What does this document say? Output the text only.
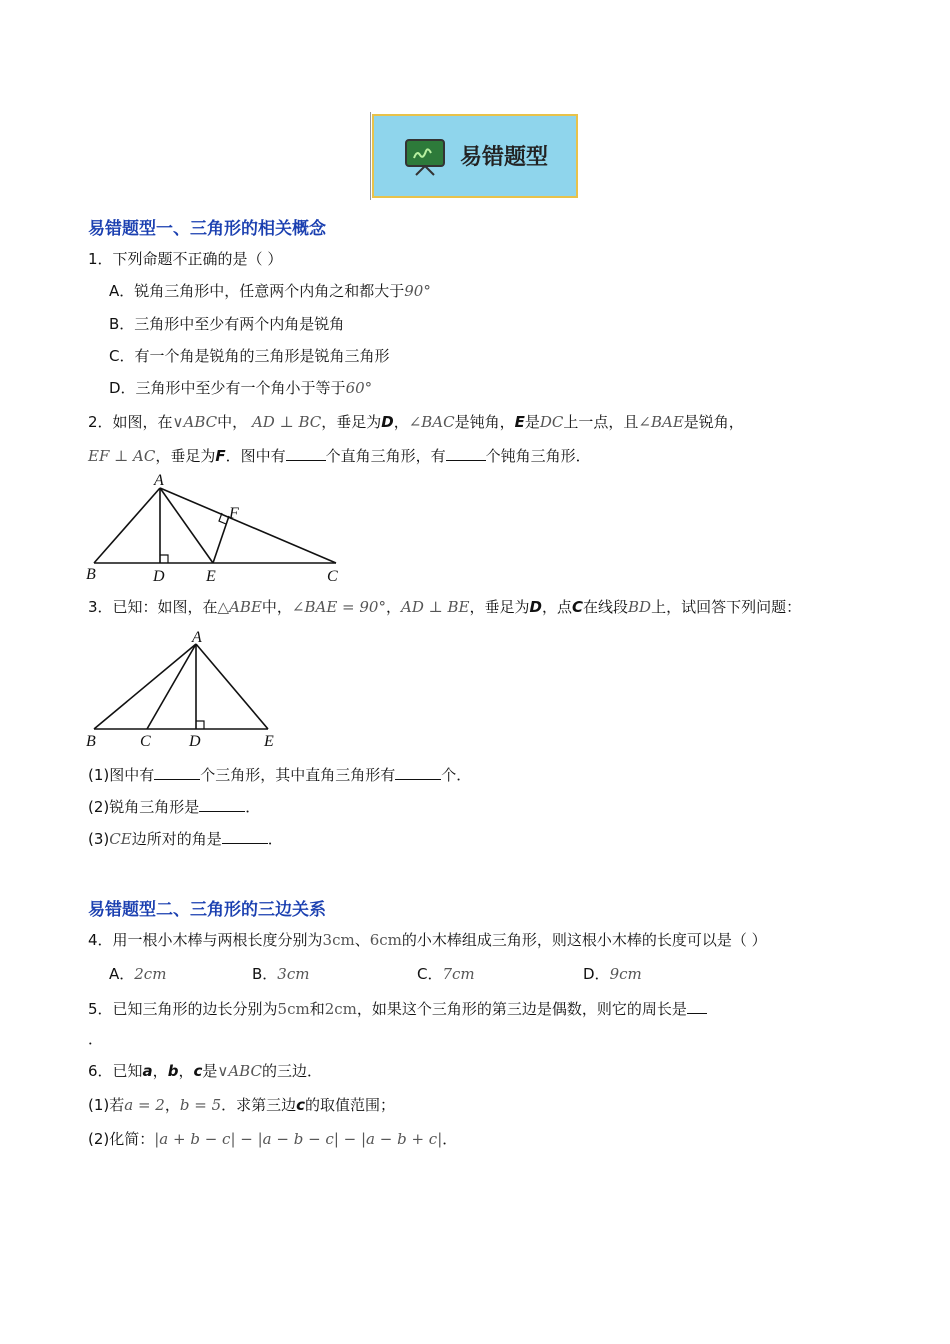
易错题型
易错题型一、三角形的相关概念
1．下列命题不正确的是（ ）
A．锐角三角形中，任意两个内角之和都大于90°
B．三角形中至少有两个内角是锐角
C．有一个角是锐角的三角形是锐角三角形
D．三角形中至少有一个角小于等于60°
2．如图，在∨ABC中， AD ⊥ BC，垂足为D，∠BAC是钝角，E是DC上一点，且∠BAE是锐角，
EF ⊥ AC，垂足为F．图中有	个直角三角形，有	个钝角三角形．
A
F
B	D	E	C
3．已知：如图，在△ABE中，∠BAE = 90°，AD ⊥ BE，垂足为D，点C在线段BD上，试回答下列问题：
A
B	C D	E
(1)图中有	个三角形，其中直角三角形有	个．
(2)锐角三角形是	．
(3)CE边所对的角是	．
易错题型二、三角形的三边关系
4．用一根小木棒与两根长度分别为3cm、6cm的小木棒组成三角形，则这根小木棒的长度可以是（ ）
A．2cm	B．3cm	C．7cm	D．9cm
5．已知三角形的边长分别为5cm和2cm，如果这个三角形的第三边是偶数，则它的周长是
．
6．已知a，b，c是∨ABC的三边．
(1)若a = 2，b = 5．求第三边c的取值范围；
(2)化简：|a + b − c| − |a − b − c| − |a − b + c|．
